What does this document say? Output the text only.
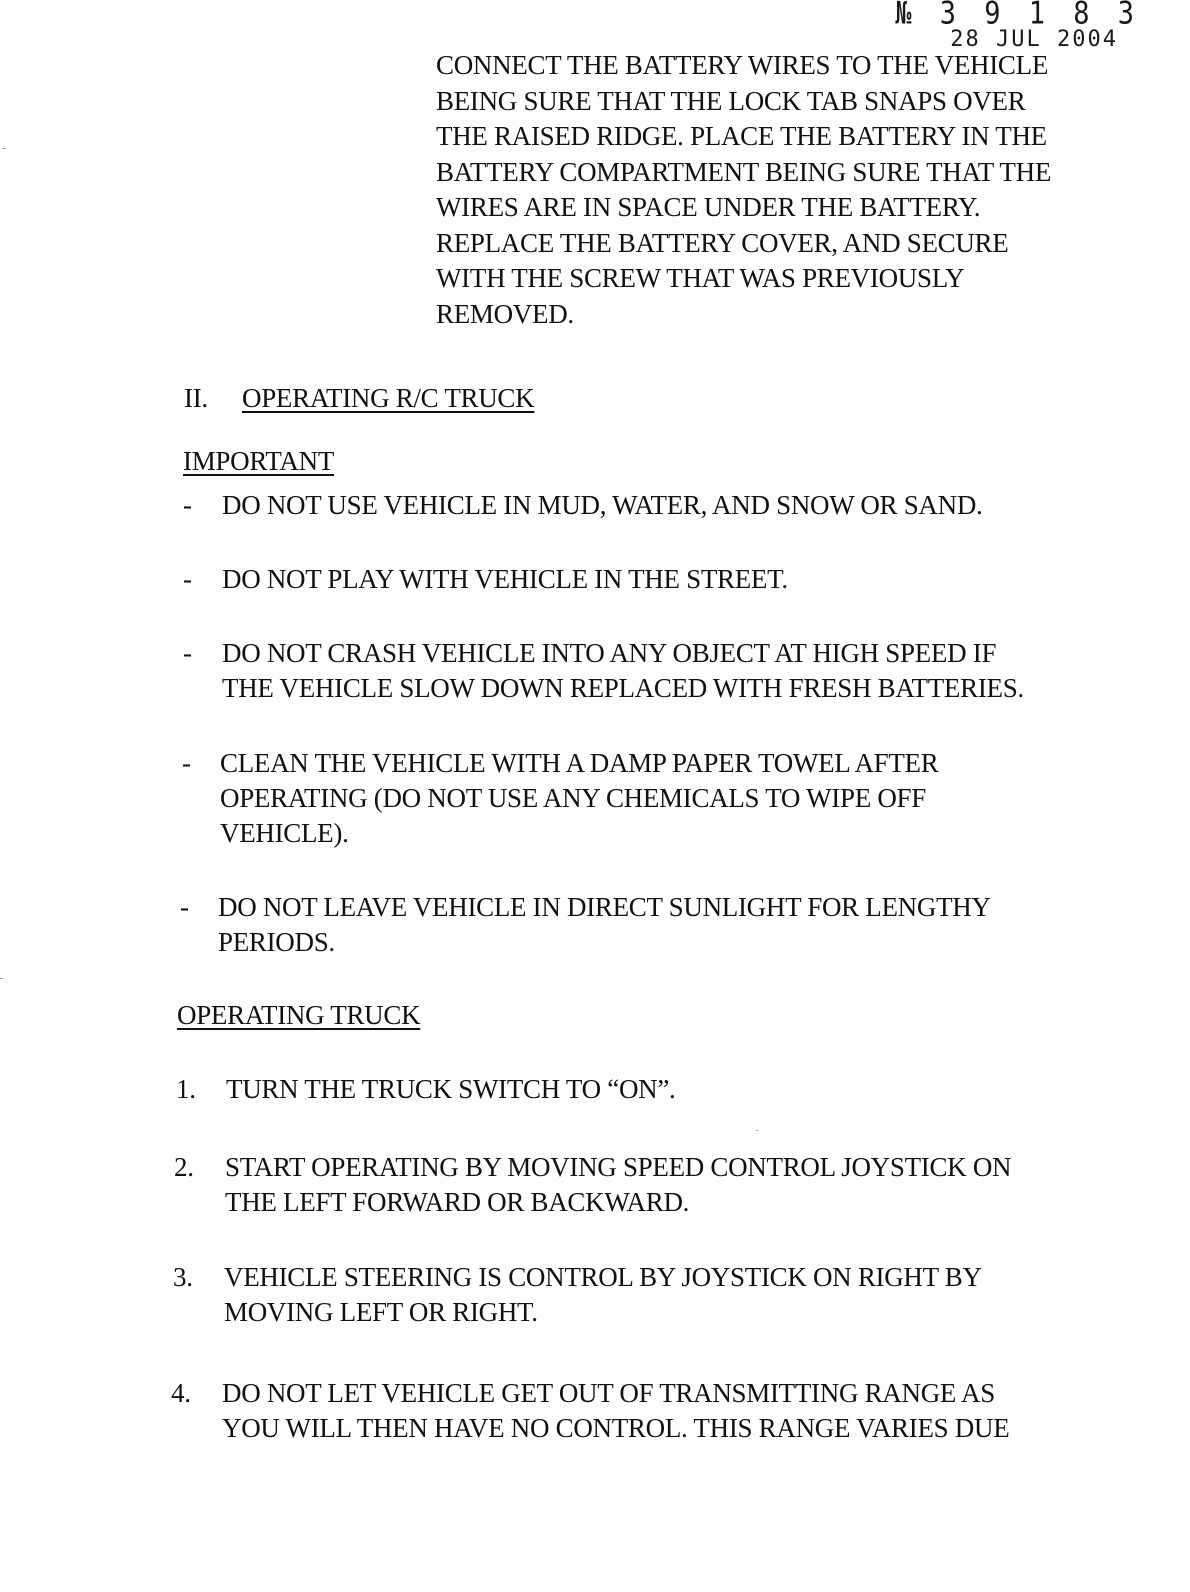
№ 3 9 1 8 3
28 JUL 2004
CONNECT THE BATTERY WIRES TO THE VEHICLE
BEING SURE THAT THE LOCK TAB SNAPS OVER
THE RAISED RIDGE. PLACE THE BATTERY IN THE
BATTERY COMPARTMENT BEING SURE THAT THE
WIRES ARE IN SPACE UNDER THE BATTERY.
REPLACE THE BATTERY COVER, AND SECURE
WITH THE SCREW THAT WAS PREVIOUSLY
REMOVED.
II. OPERATING R/C TRUCK
IMPORTANT
- DO NOT USE VEHICLE IN MUD, WATER, AND SNOW OR SAND.
- DO NOT PLAY WITH VEHICLE IN THE STREET.
- DO NOT CRASH VEHICLE INTO ANY OBJECT AT HIGH SPEED IF
THE VEHICLE SLOW DOWN REPLACED WITH FRESH BATTERIES.
- CLEAN THE VEHICLE WITH A DAMP PAPER TOWEL AFTER
OPERATING (DO NOT USE ANY CHEMICALS TO WIPE OFF
VEHICLE).
- DO NOT LEAVE VEHICLE IN DIRECT SUNLIGHT FOR LENGTHY
PERIODS.
OPERATING TRUCK
1. TURN THE TRUCK SWITCH TO “ON”.
2. START OPERATING BY MOVING SPEED CONTROL JOYSTICK ON
THE LEFT FORWARD OR BACKWARD.
3. VEHICLE STEERING IS CONTROL BY JOYSTICK ON RIGHT BY
MOVING LEFT OR RIGHT.
4. DO NOT LET VEHICLE GET OUT OF TRANSMITTING RANGE AS
YOU WILL THEN HAVE NO CONTROL. THIS RANGE VARIES DUE
